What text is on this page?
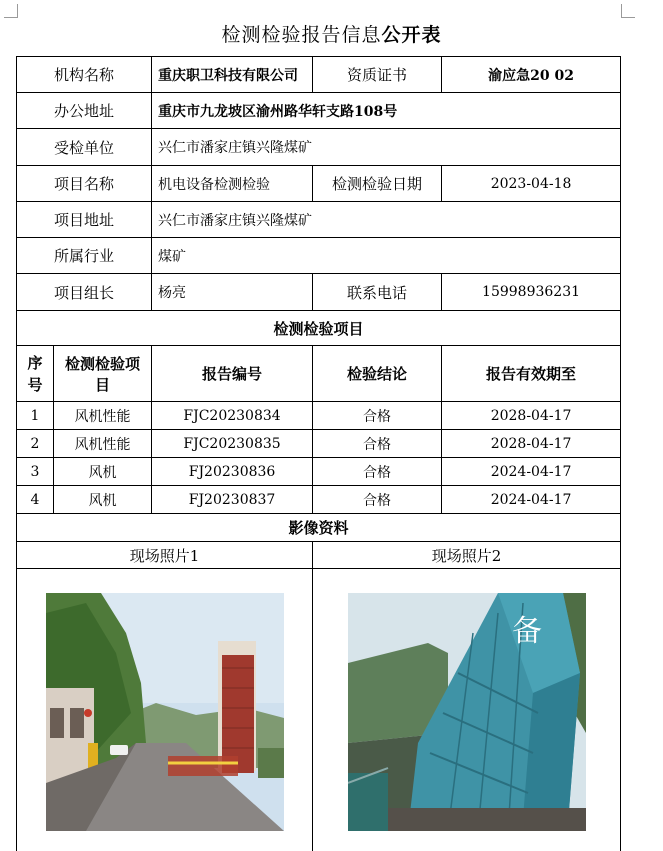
检测检验报告信息公开表
机构名称		重庆职卫科技有限公司	资质证书	渝应急20 02
办公地址		重庆市九龙坡区渝州路华轩支路108号		
受检单位		兴仁市潘家庄镇兴隆煤矿		
项目名称		机电设备检测检验	检测检验日期	2023-04-18
项目地址		兴仁市潘家庄镇兴隆煤矿		
所属行业		煤矿		
项目组长		杨亮	联系电话	15998936231
检测检验项目				
序
号	检测检验项目	报告编号	检验结论	报告有效期至
1	风机性能	FJC20230834	合格	2028-04-17
2	风机性能	FJC20230835	合格	2028-04-17
3	风机	FJ20230836	合格	2024-04-17
4	风机	FJ20230837	合格	2024-04-17
影像资料				
现场照片1			现场照片2	

备	
